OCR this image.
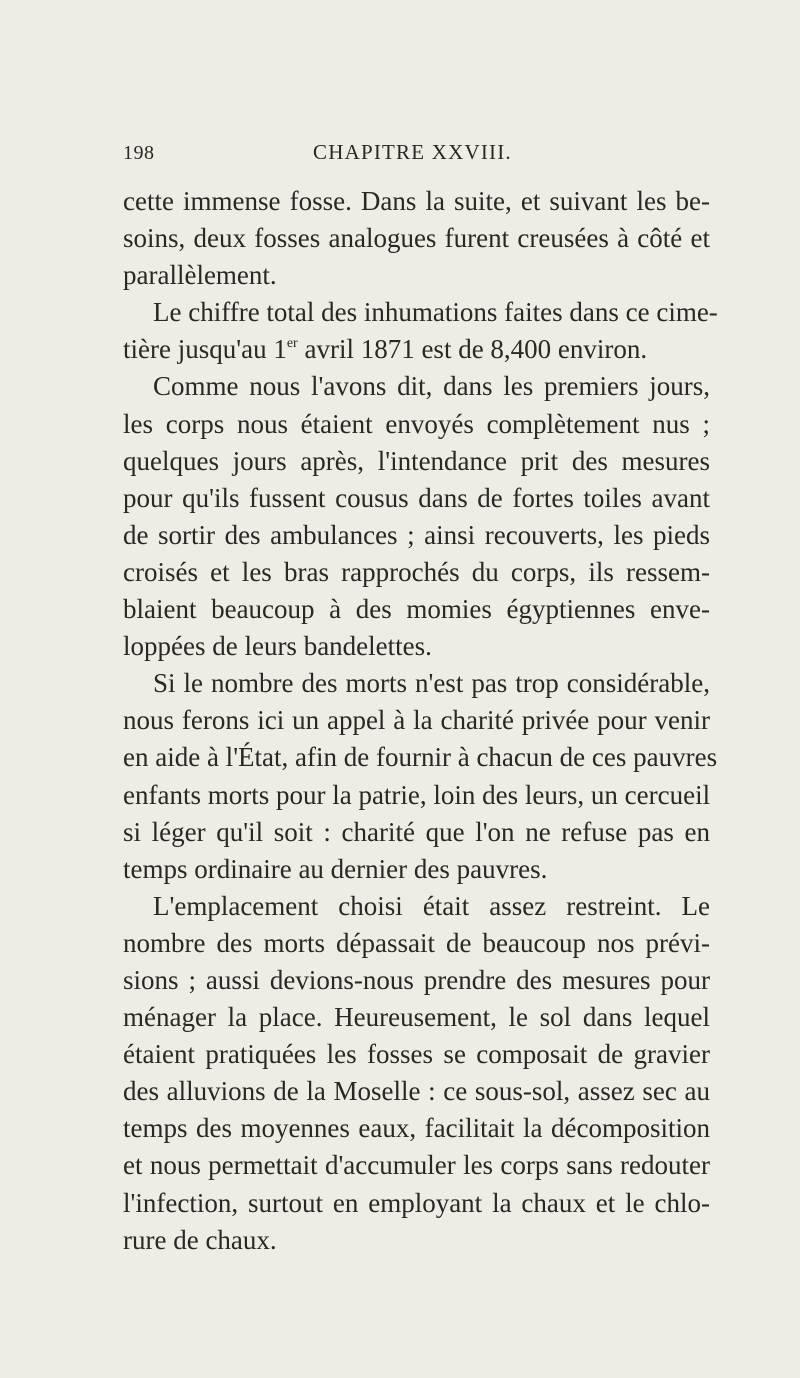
198	CHAPITRE XXVIII.
cette immense fosse. Dans la suite, et suivant les be-
soins, deux fosses analogues furent creusées à côté et
parallèlement.
Le chiffre total des inhumations faites dans ce cime-
tière jusqu'au 1er avril 1871 est de 8,400 environ.
Comme nous l'avons dit, dans les premiers jours,
les corps nous étaient envoyés complètement nus ;
quelques jours après, l'intendance prit des mesures
pour qu'ils fussent cousus dans de fortes toiles avant
de sortir des ambulances ; ainsi recouverts, les pieds
croisés et les bras rapprochés du corps, ils ressem-
blaient beaucoup à des momies égyptiennes enve-
loppées de leurs bandelettes.
Si le nombre des morts n'est pas trop considérable,
nous ferons ici un appel à la charité privée pour venir
en aide à l'État, afin de fournir à chacun de ces pauvres
enfants morts pour la patrie, loin des leurs, un cercueil
si léger qu'il soit : charité que l'on ne refuse pas en
temps ordinaire au dernier des pauvres.
L'emplacement choisi était assez restreint. Le
nombre des morts dépassait de beaucoup nos prévi-
sions ; aussi devions-nous prendre des mesures pour
ménager la place. Heureusement, le sol dans lequel
étaient pratiquées les fosses se composait de gravier
des alluvions de la Moselle : ce sous-sol, assez sec au
temps des moyennes eaux, facilitait la décomposition
et nous permettait d'accumuler les corps sans redouter
l'infection, surtout en employant la chaux et le chlo-
rure de chaux.
